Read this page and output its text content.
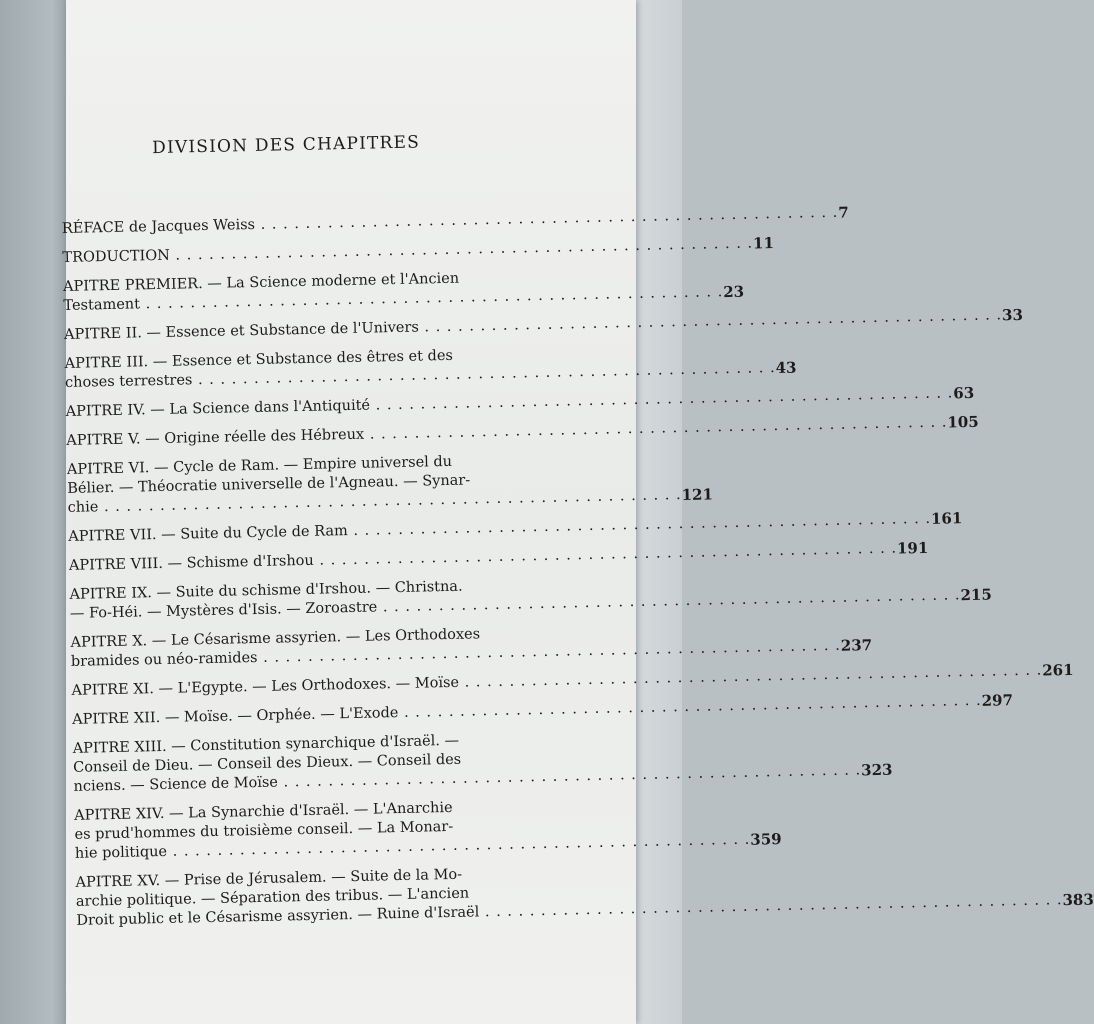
DIVISION DES CHAPITRES
RÉFACE de Jacques Weiss . . .
7
TRODUCTION . . .
11
APITRE PREMIER. — La Science moderne et l'Ancien
Testament . . .
23
APITRE II. — Essence et Substance de l'Univers . . .
33
APITRE III. — Essence et Substance des êtres et des
choses terrestres . . .
43
APITRE IV. — La Science dans l'Antiquité . . .
63
APITRE V. — Origine réelle des Hébreux . . .
105
APITRE VI. — Cycle de Ram. — Empire universel du
Bélier. — Théocratie universelle de l'Agneau. — Synar-
chie . . .
121
APITRE VII. — Suite du Cycle de Ram . . .
161
APITRE VIII. — Schisme d'Irshou . . .
191
APITRE IX. — Suite du schisme d'Irshou. — Christna.
— Fo-Héi. — Mystères d'Isis. — Zoroastre . . .
215
APITRE X. — Le Césarisme assyrien. — Les Orthodoxes
bramides ou néo-ramides . . .
237
APITRE XI. — L'Egypte. — Les Orthodoxes. — Moïse . . .
261
APITRE XII. — Moïse. — Orphée. — L'Exode . . .
297
APITRE XIII. — Constitution synarchique d'Israël. —
Conseil de Dieu. — Conseil des Dieux. — Conseil des
nciens. — Science de Moïse . . .
323
APITRE XIV. — La Synarchie d'Israël. — L'Anarchie
es prud'hommes du troisième conseil. — La Monar-
hie politique . . .
359
APITRE XV. — Prise de Jérusalem. — Suite de la Mo-
archie politique. — Séparation des tribus. — L'ancien
Droit public et le Césarisme assyrien. — Ruine d'Israël . . .
383
